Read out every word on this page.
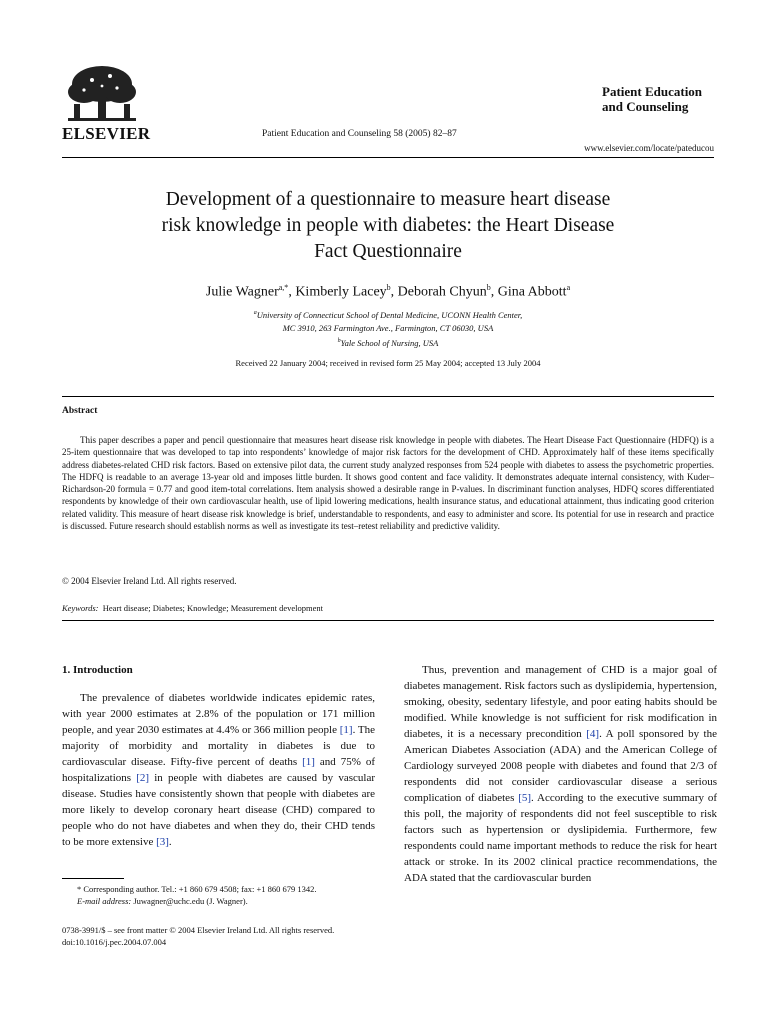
ELSEVIER	Patient Education and Counseling 58 (2005) 82–87
Patient Education
and Counseling
www.elsevier.com/locate/pateducou
Development of a questionnaire to measure heart disease
risk knowledge in people with diabetes: the Heart Disease
Fact Questionnaire
Julie Wagner$^{a,*}$, Kimberly Lacey$^b$, Deborah Chyun$^b$, Gina Abbott$^a$
$^a$University of Connecticut School of Dental Medicine, UCONN Health Center,
MC 3910, 263 Farmington Ave., Farmington, CT 06030, USA
$^b$Yale School of Nursing, USA
Received 22 January 2004; received in revised form 25 May 2004; accepted 13 July 2004
Abstract
This paper describes a paper and pencil questionnaire that measures heart disease risk knowledge in people with diabetes. The Heart Disease Fact Questionnaire (HDFQ) is a 25-item questionnaire that was developed to tap into respondents’ knowledge of major risk factors for the development of CHD. Approximately half of these items specifically address diabetes-related CHD risk factors. Based on extensive pilot data, the current study analyzed responses from 524 people with diabetes to assess the psychometric properties. The HDFQ is readable to an average 13-year old and imposes little burden. It shows good content and face validity. It demonstrates adequate internal consistency, with Kuder–Richardson-20 formula = 0.77 and good item-total correlations. Item analysis showed a desirable range in P-values. In discriminant function analyses, HDFQ scores differentiated respondents by knowledge of their own cardiovascular health, use of lipid lowering medications, health insurance status, and educational attainment, thus indicating good criterion related validity. This measure of heart disease risk knowledge is brief, understandable to respondents, and easy to administer and score. Its potential for use in research and practice is discussed. Future research should establish norms as well as investigate its test–retest reliability and predictive validity.
© 2004 Elsevier Ireland Ltd. All rights reserved.
Keywords: Heart disease; Diabetes; Knowledge; Measurement development
1. Introduction

The prevalence of diabetes worldwide indicates epidemic rates, with year 2000 estimates at 2.8% of the population or 171 million people, and year 2030 estimates at 4.4% or 366 million people [1]. The majority of morbidity and mortality in diabetes is due to cardiovascular disease. Fifty-five percent of deaths [1] and 75% of hospitalizations [2] in people with diabetes are caused by vascular disease. Studies have consistently shown that people with diabetes are more likely to develop coronary heart disease (CHD) compared to people who do not have diabetes and when they do, their CHD tends to be more extensive [3].

Thus, prevention and management of CHD is a major goal of diabetes management. Risk factors such as dyslipidemia, hypertension, smoking, obesity, sedentary lifestyle, and poor eating habits should be modified. While knowledge is not sufficient for risk modification in diabetes, it is a necessary precondition [4]. A poll sponsored by the American Diabetes Association (ADA) and the American College of Cardiology surveyed 2008 people with diabetes and found that 2/3 of respondents did not consider cardiovascular disease a serious complication of diabetes [5]. According to the executive summary of this poll, the majority of respondents did not feel susceptible to risk factors such as hypertension or dyslipidemia. Furthermore, few respondents could name important methods to reduce the risk for heart attack or stroke. In its 2002 clinical practice recommendations, the ADA stated that the cardiovascular burden

* Corresponding author. Tel.: +1 860 679 4508; fax: +1 860 679 1342.
E-mail address: Juwagner@uchc.edu (J. Wagner).
0738-3991/$ – see front matter © 2004 Elsevier Ireland Ltd. All rights reserved.
doi:10.1016/j.pec.2004.07.004
